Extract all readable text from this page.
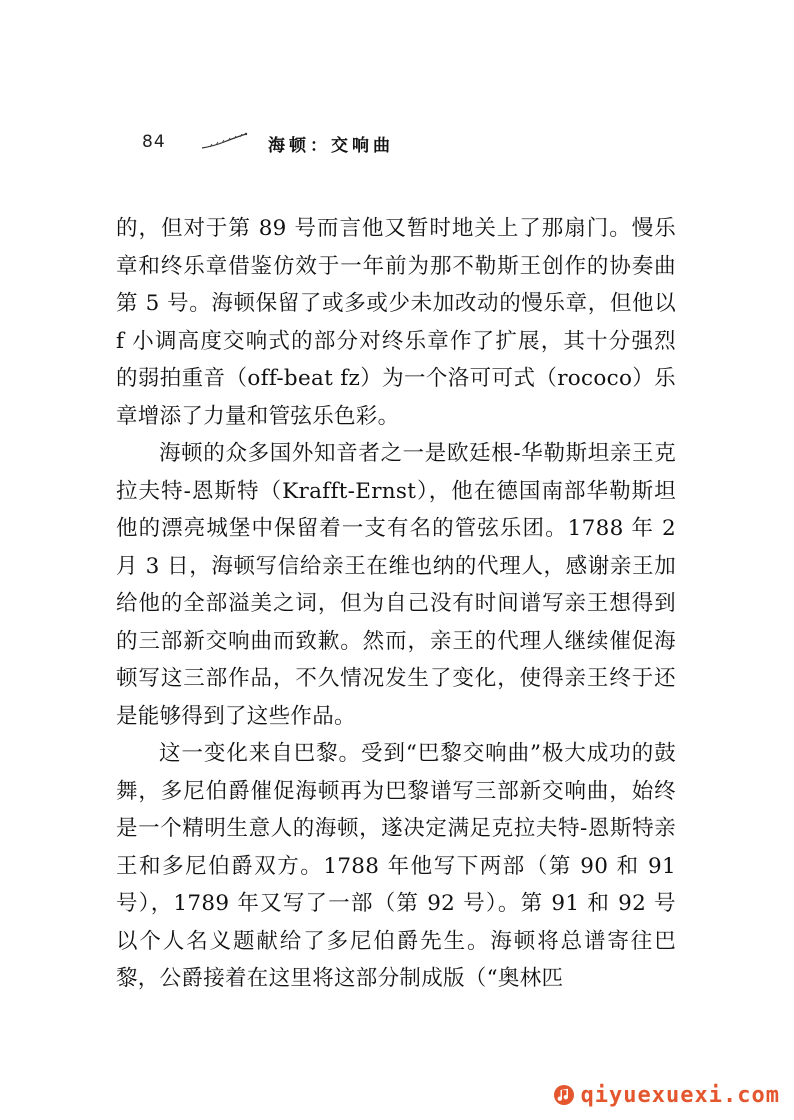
84	海顿：交响曲

的，但对于第 89 号而言他又暂时地关上了那扇门。慢乐章和终乐章借鉴仿效于一年前为那不勒斯王创作的协奏曲第 5 号。海顿保留了或多或少未加改动的慢乐章，但他以 f 小调高度交响式的部分对终乐章作了扩展，其十分强烈的弱拍重音（off-beat fz）为一个洛可可式（rococo）乐章增添了力量和管弦乐色彩。

海顿的众多国外知音者之一是欧廷根-华勒斯坦亲王克拉夫特-恩斯特（Krafft-Ernst），他在德国南部华勒斯坦他的漂亮城堡中保留着一支有名的管弦乐团。1788 年 2 月 3 日，海顿写信给亲王在维也纳的代理人，感谢亲王加给他的全部溢美之词，但为自己没有时间谱写亲王想得到的三部新交响曲而致歉。然而，亲王的代理人继续催促海顿写这三部作品，不久情况发生了变化，使得亲王终于还是能够得到了这些作品。

这一变化来自巴黎。受到“巴黎交响曲”极大成功的鼓舞，多尼伯爵催促海顿再为巴黎谱写三部新交响曲，始终是一个精明生意人的海顿，遂决定满足克拉夫特-恩斯特亲王和多尼伯爵双方。1788 年他写下两部（第 90 和 91 号），1789 年又写了一部（第 92 号）。第 91 和 92 号以个人名义题献给了多尼伯爵先生。海顿将总谱寄往巴黎，公爵接着在这里将这部分制成版（“奥林匹

qiyuexuexi.com
